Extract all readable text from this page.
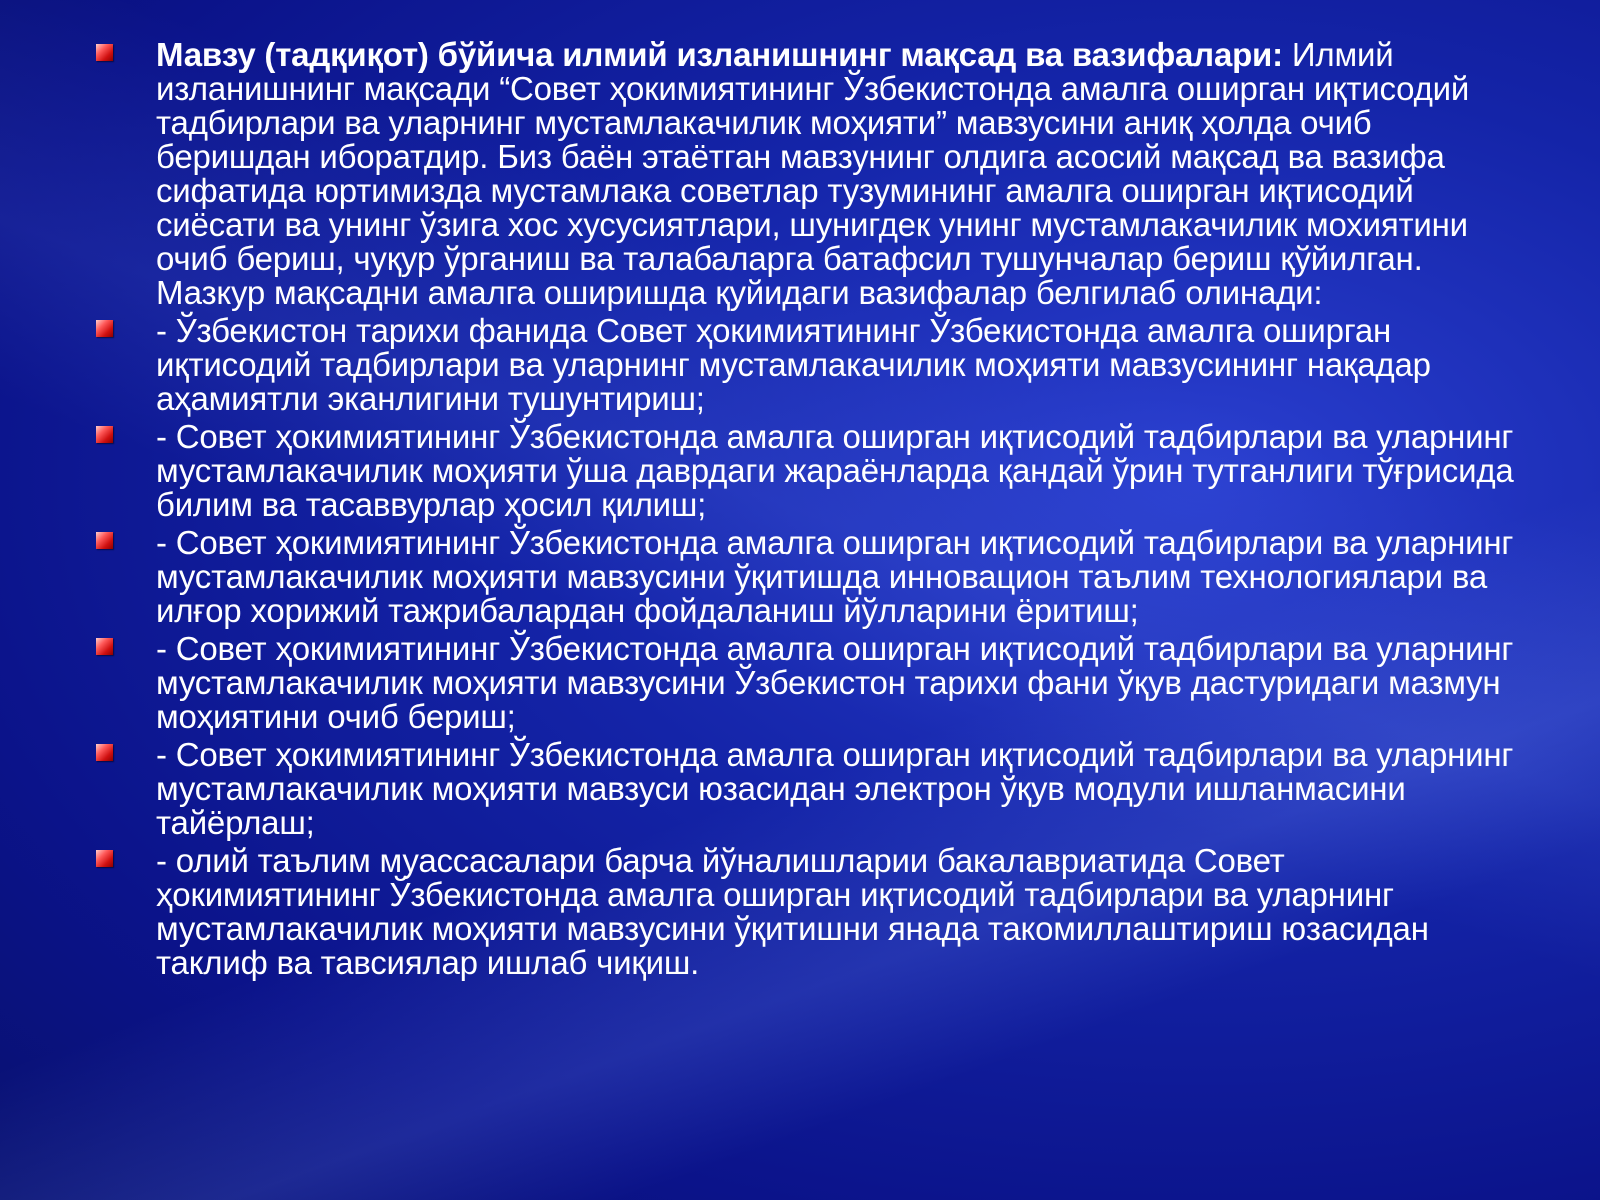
Мавзу (тадқиқот) бўйича илмий изланишнинг мақсад ва вазифалари: Илмий изланишнинг мақсади “Совет ҳокимиятининг Ўзбекистонда амалга оширган иқтисодий тадбирлари ва уларнинг мустамлакачилик моҳияти” мавзусини аниқ ҳолда очиб беришдан иборатдир. Биз баён этаётган мавзунинг олдига асосий мақсад ва вазифа сифатида юртимизда мустамлака советлар тузумининг амалга оширган иқтисодий сиёсати ва унинг ўзига хос хусусиятлари, шунигдек унинг мустамлакачилик мохиятини очиб бериш, чуқур ўрганиш ва талабаларга батафсил тушунчалар бериш қўйилган. Мазкур мақсадни амалга оширишда қуйидаги вазифалар белгилаб олинади:
- Ўзбекистон тарихи фанида Совет ҳокимиятининг Ўзбекистонда амалга оширган иқтисодий тадбирлари ва уларнинг мустамлакачилик моҳияти мавзусининг нақадар аҳамиятли эканлигини тушунтириш;
- Совет ҳокимиятининг Ўзбекистонда амалга оширган иқтисодий тадбирлари ва уларнинг мустамлакачилик моҳияти ўша даврдаги жараёнларда қандай ўрин тутганлиги тўғрисида билим ва тасаввурлар ҳосил қилиш;
- Совет ҳокимиятининг Ўзбекистонда амалга оширган иқтисодий тадбирлари ва уларнинг мустамлакачилик моҳияти мавзусини ўқитишда инновацион таълим технологиялари ва илғор хорижий тажрибалардан фойдаланиш йўлларини ёритиш;
- Совет ҳокимиятининг Ўзбекистонда амалга оширган иқтисодий тадбирлари ва уларнинг мустамлакачилик моҳияти мавзусини Ўзбекистон тарихи фани ўқув дастуридаги мазмун моҳиятини очиб бериш;
- Совет ҳокимиятининг Ўзбекистонда амалга оширган иқтисодий тадбирлари ва уларнинг мустамлакачилик моҳияти мавзуси юзасидан электрон ўқув модули ишланмасини тайёрлаш;
- олий таълим муассасалари барча йўналишларии бакалавриатида Совет ҳокимиятининг Ўзбекистонда амалга оширган иқтисодий тадбирлари ва уларнинг мустамлакачилик моҳияти мавзусини ўқитишни янада такомиллаштириш юзасидан таклиф ва тавсиялар ишлаб чиқиш.
